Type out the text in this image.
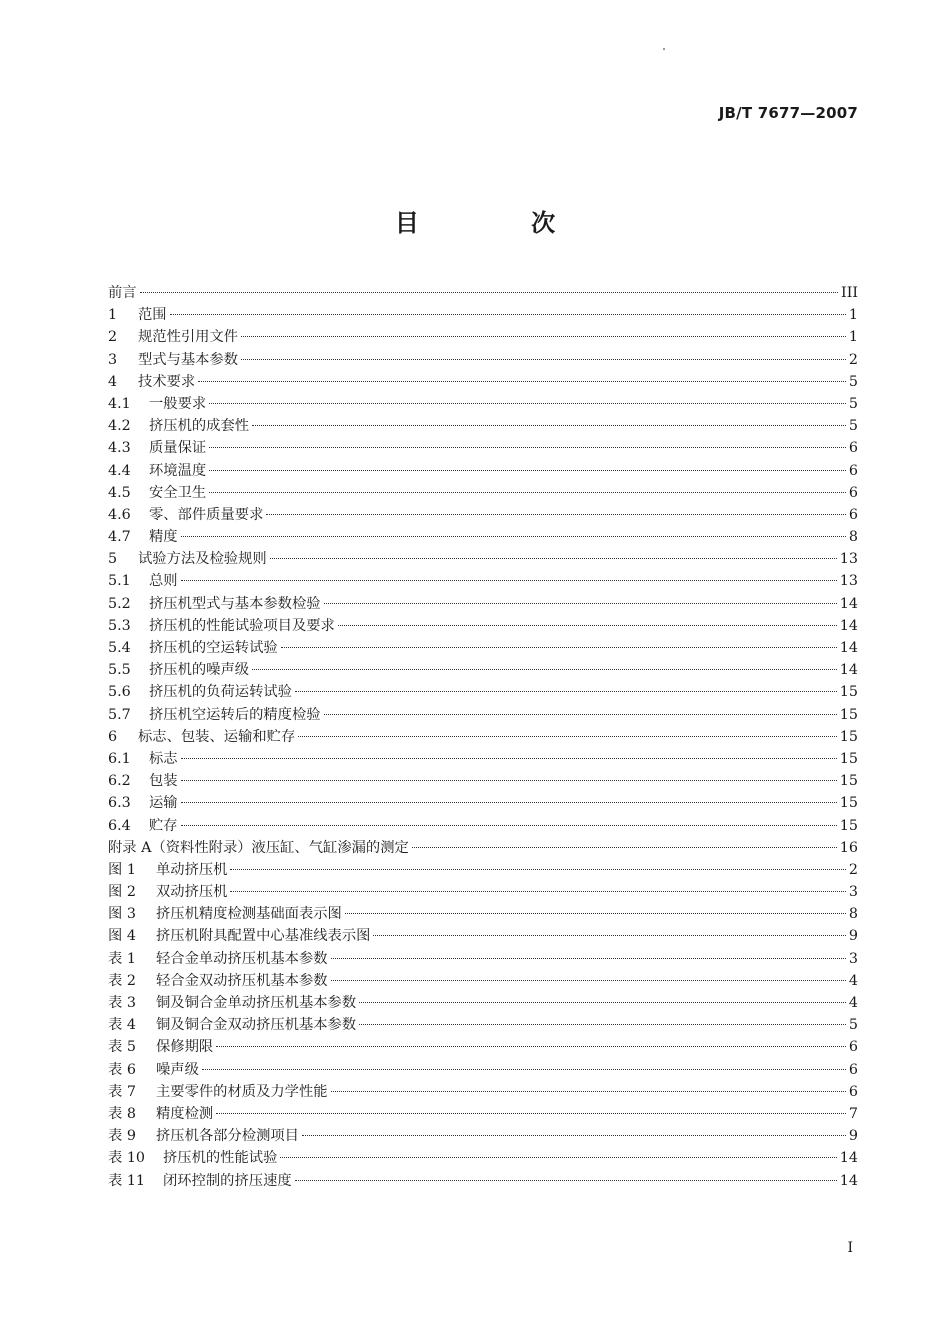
JB/T 7677—2007
目 次
前言	III
1	范围	1
2	规范性引用文件	1
3	型式与基本参数	2
4	技术要求	5
4.1	一般要求	5
4.2	挤压机的成套性	5
4.3	质量保证	6
4.4	环境温度	6
4.5	安全卫生	6
4.6	零、部件质量要求	6
4.7	精度	8
5	试验方法及检验规则	13
5.1	总则	13
5.2	挤压机型式与基本参数检验	14
5.3	挤压机的性能试验项目及要求	14
5.4	挤压机的空运转试验	14
5.5	挤压机的噪声级	14
5.6	挤压机的负荷运转试验	15
5.7	挤压机空运转后的精度检验	15
6	标志、包装、运输和贮存	15
6.1	标志	15
6.2	包装	15
6.3	运输	15
6.4	贮存	15
附录 A（资料性附录）液压缸、气缸渗漏的测定	16
图 1	单动挤压机	2
图 2	双动挤压机	3
图 3	挤压机精度检测基础面表示图	8
图 4	挤压机附具配置中心基准线表示图	9
表 1	轻合金单动挤压机基本参数	3
表 2	轻合金双动挤压机基本参数	4
表 3	铜及铜合金单动挤压机基本参数	4
表 4	铜及铜合金双动挤压机基本参数	5
表 5	保修期限	6
表 6	噪声级	6
表 7	主要零件的材质及力学性能	6
表 8	精度检测	7
表 9	挤压机各部分检测项目	9
表 10	挤压机的性能试验	14
表 11	闭环控制的挤压速度	14
I
